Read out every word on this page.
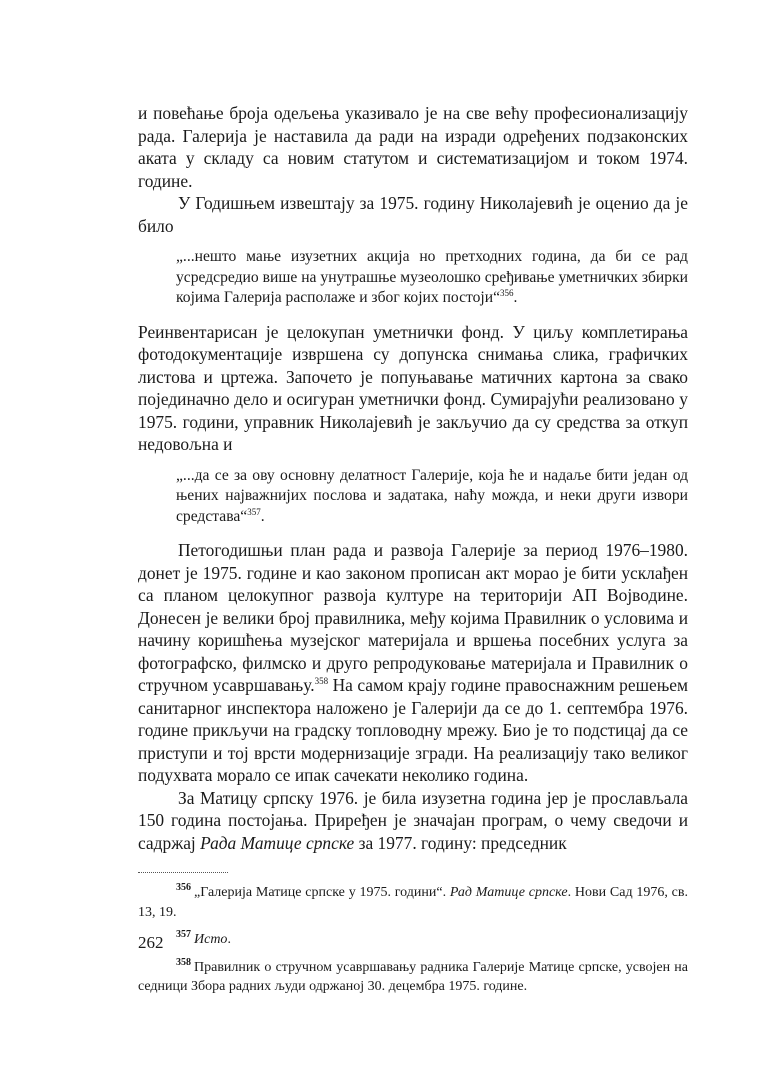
и повећање броја одељења указивало је на све већу професионализацију рада. Галерија је наставила да ради на изради одређених подзаконских аката у складу са новим статутом и систематизацијом и током 1974. године.

У Годишњем извештају за 1975. годину Николајевић је оценио да је било

„...нешто мање изузетних акција но претходних година, да би се рад усредсредио више на унутрашње музеолошко сређивање уметничких збирки којима Галерија располаже и због којих постоји“$^{356}$.

Реинвентарисан је целокупан уметнички фонд. У циљу комплетирања фотодокументације извршена су допунска снимања слика, графичких листова и цртежа. Започето је попуњавање матичних картона за свако појединачно дело и осигуран уметнички фонд. Сумирајући реализовано у 1975. години, управник Николајевић је закључио да су средства за откуп недовољна и

„...да се за ову основну делатност Галерије, која ће и надаље бити један од њених најважнијих послова и задатака, наћу можда, и неки други извори средстава“$^{357}$.

Петогодишњи план рада и развоја Галерије за период 1976–1980. донет је 1975. године и као законом прописан акт морао је бити усклађен са планом целокупног развоја културе на територији АП Војводине. Донесен је велики број правилника, међу којима Правилник о условима и начину коришћења музејског материјала и вршења посебних услуга за фотографско, филмско и друго репродуковање материјала и Правилник о стручном усавршавању.$^{358}$ На самом крају године правоснажним решењем санитарног инспектора наложено је Галерији да се до 1. септембра 1976. године прикључи на градску топловодну мрежу. Био је то подстицај да се приступи и тој врсти модернизације згради. На реализацију тако великог подухвата морало се ипак сачекати неколико година.

За Матицу српску 1976. је била изузетна година јер је прослављала 150 година постојања. Приређен је значајан програм, о чему сведочи и садржај Рада Матице српске за 1977. годину: председник

$^{356}$ „Галерија Матице српске у 1975. години“. Рад Матице српске. Нови Сад 1976, св. 13, 19.

$^{357}$ Исто.

$^{358}$ Правилник о стручном усавршавању радника Галерије Матице српске, усвојен на седници Збора радних људи одржаној 30. децембра 1975. године.

262
